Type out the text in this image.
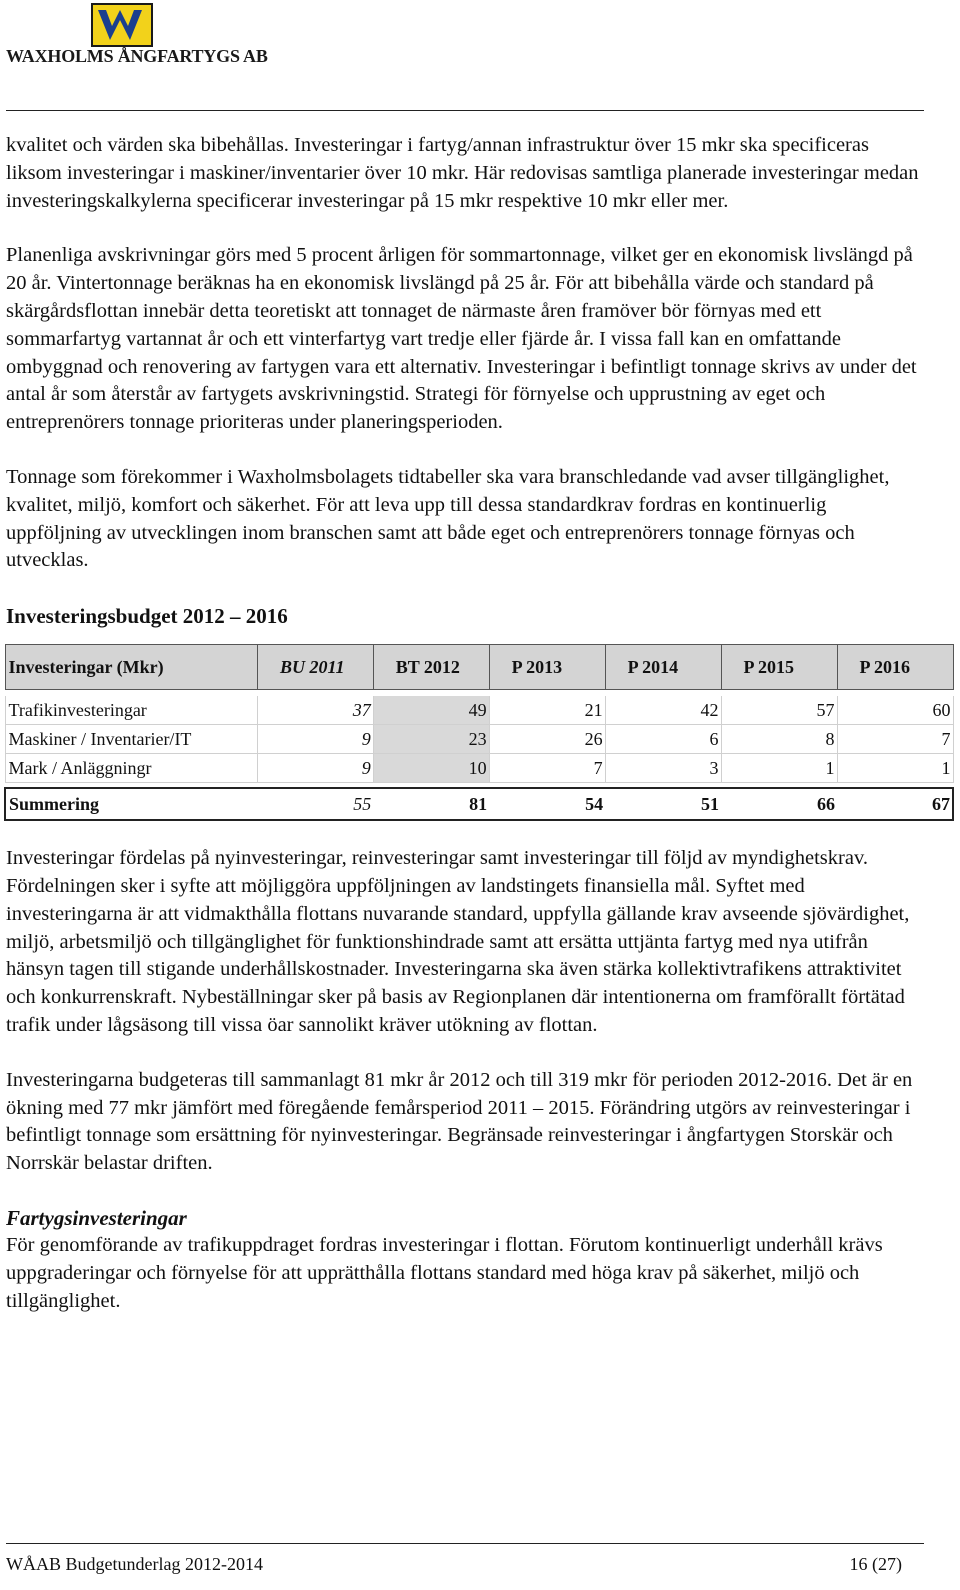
WAXHOLMS ÅNGFARTYGS AB

kvalitet och värden ska bibehållas. Investeringar i fartyg/annan infrastruktur över 15 mkr ska specificeras liksom investeringar i maskiner/inventarier över 10 mkr. Här redovisas samtliga planerade investeringar medan investeringskalkylerna specificerar investeringar på 15 mkr respektive 10 mkr eller mer.

Planenliga avskrivningar görs med 5 procent årligen för sommartonnage, vilket ger en ekonomisk livslängd på 20 år. Vintertonnage beräknas ha en ekonomisk livslängd på 25 år. För att bibehålla värde och standard på skärgårdsflottan innebär detta teoretiskt att tonnaget de närmaste åren framöver bör förnyas med ett sommarfartyg vartannat år och ett vinterfartyg vart tredje eller fjärde år. I vissa fall kan en omfattande ombyggnad och renovering av fartygen vara ett alternativ. Investeringar i befintligt tonnage skrivs av under det antal år som återstår av fartygets avskrivningstid. Strategi för förnyelse och upprustning av eget och entreprenörers tonnage prioriteras under planeringsperioden.

Tonnage som förekommer i Waxholmsbolagets tidtabeller ska vara branschledande vad avser tillgänglighet, kvalitet, miljö, komfort och säkerhet. För att leva upp till dessa standardkrav fordras en kontinuerlig uppföljning av utvecklingen inom branschen samt att både eget och entreprenörers tonnage förnyas och utvecklas.

Investeringsbudget 2012 – 2016
Investeringar (Mkr)	BU 2011	BT 2012	P 2013	P 2014	P 2015	P 2016

Trafikinvesteringar	37	49	21	42	57	60
Maskiner / Inventarier/IT	9	23	26	6	8	7
Mark / Anläggningr	9	10	7	3	1	1

Summering	55	81	54	51	66	67

Investeringar fördelas på nyinvesteringar, reinvesteringar samt investeringar till följd av myndighetskrav. Fördelningen sker i syfte att möjliggöra uppföljningen av landstingets finansiella mål. Syftet med investeringarna är att vidmakthålla flottans nuvarande standard, uppfylla gällande krav avseende sjövärdighet, miljö, arbetsmiljö och tillgänglighet för funktionshindrade samt att ersätta uttjänta fartyg med nya utifrån hänsyn tagen till stigande underhållskostnader. Investeringarna ska även stärka kollektivtrafikens attraktivitet och konkurrenskraft. Nybeställningar sker på basis av Regionplanen där intentionerna om framförallt förtätad trafik under lågsäsong till vissa öar sannolikt kräver utökning av flottan.

Investeringarna budgeteras till sammanlagt 81 mkr år 2012 och till 319 mkr för perioden 2012-2016. Det är en ökning med 77 mkr jämfört med föregående femårsperiod 2011 – 2015. Förändring utgörs av reinvesteringar i befintligt tonnage som ersättning för nyinvesteringar. Begränsade reinvesteringar i ångfartygen Storskär och Norrskär belastar driften.

Fartygsinvesteringar

För genomförande av trafikuppdraget fordras investeringar i flottan. Förutom kontinuerligt underhåll krävs uppgraderingar och förnyelse för att upprätthålla flottans standard med höga krav på säkerhet, miljö och tillgänglighet.

WÅAB Budgetunderlag 2012-2014	16 (27)
